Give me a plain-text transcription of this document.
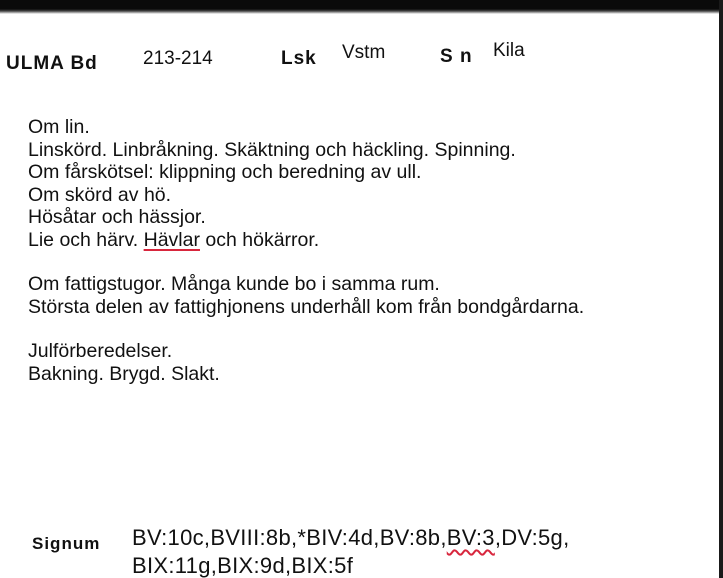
ULMA Bd 213-214	Lsk Vstm	S n Kila
Om lin.
Linskörd. Linbråkning. Skäktning och häckling. Spinning.
Om fårskötsel: klippning och beredning av ull.
Om skörd av hö.
Hösåtar och hässjor.
Lie och härv. Hävlar och hökärror.
Om fattigstugor. Många kunde bo i samma rum.
Största delen av fattighjonens underhåll kom från bondgårdarna.
Julförberedelser.
Bakning. Brygd. Slakt.
Signum BV:10c,BVIII:8b,*BIV:4d,BV:8b,BV:3,DV:5g,
BIX:11g,BIX:9d,BIX:5f
